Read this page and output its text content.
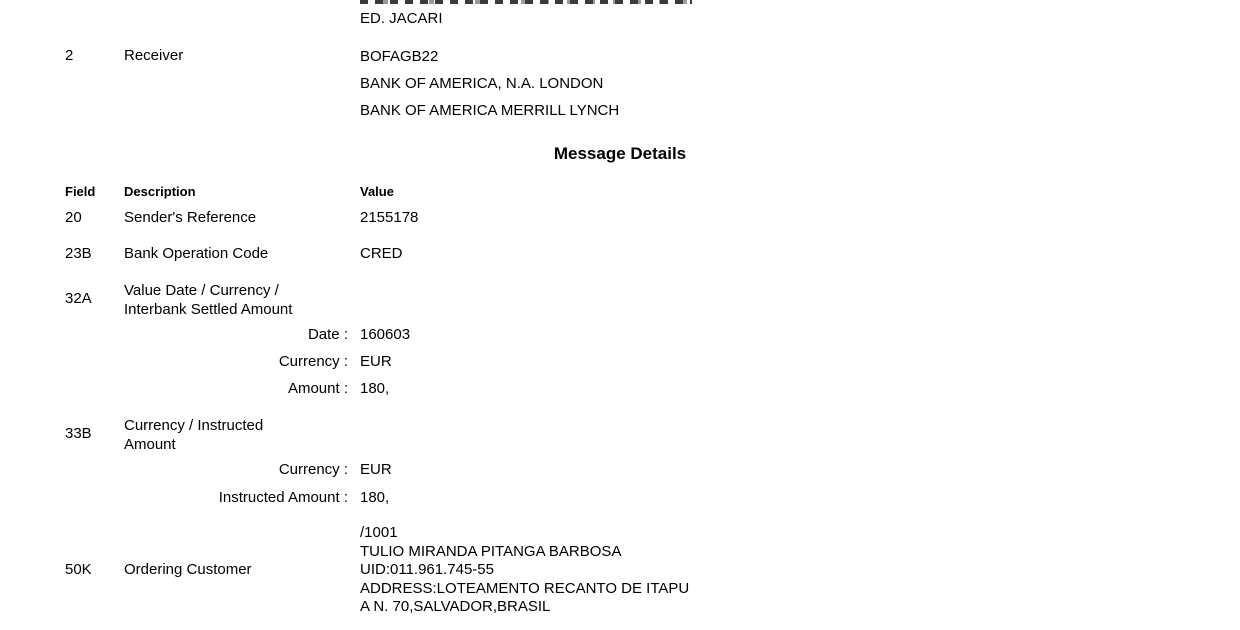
ED. JACARI
2	Receiver	BOFAGB22
BANK OF AMERICA, N.A. LONDON
BANK OF AMERICA MERRILL LYNCH
Message Details
Field Description	Value
20	Sender's Reference	2155178
23B Bank Operation Code	CRED
32A Value Date / Currency /
Interbank Settled Amount
Date : 160603
Currency : EUR
Amount : 180,
33B Currency / Instructed
Amount
Currency : EUR
Instructed Amount : 180,
50K Ordering Customer
/1001
TULIO MIRANDA PITANGA BARBOSA
UID:011.961.745-55
ADDRESS:LOTEAMENTO RECANTO DE ITAPU
A N. 70,SALVADOR,BRASIL
